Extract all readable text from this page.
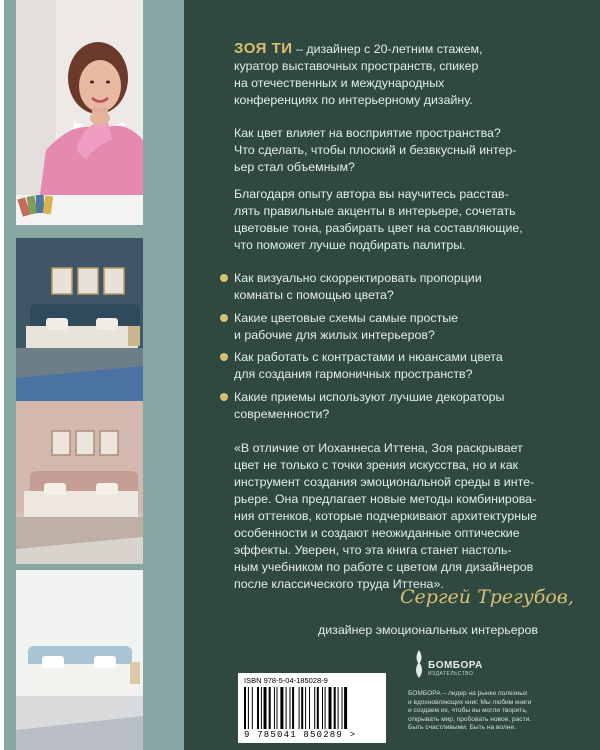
ЗОЯ ТИ – дизайнер с 20-летним стажем,
куратор выставочных пространств, спикер
на отечественных и международных
конференциях по интерьерному дизайну.

Как цвет влияет на восприятие пространства?
Что сделать, чтобы плоский и безвкусный интер-
ьер стал объемным?

Благодаря опыту автора вы научитесь расстав-
лять правильные акценты в интерьере, сочетать
цветовые тона, разбирать цвет на составляющие,
что поможет лучше подбирать палитры.

Как визуально скорректировать пропорции
комнаты с помощью цвета?
Какие цветовые схемы самые простые
и рабочие для жилых интерьеров?
Как работать с контрастами и нюансами цвета
для создания гармоничных пространств?
Какие приемы используют лучшие декораторы
современности?

«В отличие от Иоханнеса Иттена, Зоя раскрывает
цвет не только с точки зрения искусства, но и как
инструмент создания эмоциональной среды в инте-
рьере. Она предлагает новые методы комбинирова-
ния оттенков, которые подчеркивают архитектурные
особенности и создают неожиданные оптические
эффекты. Уверен, что эта книга станет настоль-
ным учебником по работе с цветом для дизайнеров
после классического труда Иттена».

Сергей Трегубов,
дизайнер эмоциональных интерьеров
БОМБОРА
ИЗДАТЕЛЬСТВО

БОМБОРА – лидер на рынке полезных
и вдохновляющих книг. Мы любим книги
и создаем их, чтобы вы могли творить,
открывать мир, пробовать новое, расти.
Быть счастливыми. Быть на волне.

ISBN 978-5-04-185028-9
9 785041 850289 >
